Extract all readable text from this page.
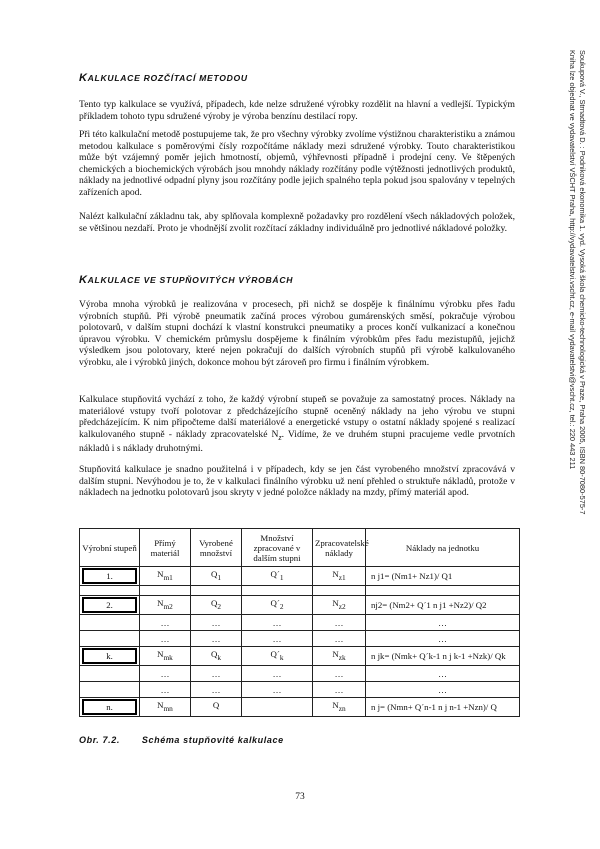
KALKULACE ROZČÍTACÍ METODOU

Tento typ kalkulace se využívá, případech, kde nelze sdružené výrobky rozdělit na hlavní a vedlejší. Typickým příkladem tohoto typu sdružené výroby je výroba benzínu destilací ropy.

Při této kalkulační metodě postupujeme tak, že pro všechny výrobky zvolíme výstižnou charakteristiku a známou metodou kalkulace s poměrovými čísly rozpočítáme náklady mezi sdružené výrobky. Touto charakteristikou může být vzájemný poměr jejich hmotností, objemů, výhřevnosti případně i prodejní ceny. Ve štěpených chemických a biochemických výrobách jsou mnohdy náklady rozčítány podle výtěžnosti jednotlivých produktů, náklady na jednotlivé odpadní plyny jsou rozčítány podle jejich spalného tepla pokud jsou spalovány v tepelných zařízeních apod.

Nalézt kalkulační základnu tak, aby splňovala komplexně požadavky pro rozdělení všech nákladových položek, se většinou nezdaří. Proto je vhodnější zvolit rozčítací základny individuálně pro jednotlivé nákladové položky.

KALKULACE VE STUPŇOVITÝCH VÝROBÁCH

Výroba mnoha výrobků je realizována v procesech, při nichž se dospěje k finálnímu výrobku přes řadu výrobních stupňů. Při výrobě pneumatik začíná proces výrobou gumárenských směsí, pokračuje výrobou polotovarů, v dalším stupni dochází k vlastní konstrukci pneumatiky a proces končí vulkanizací a konečnou úpravou výrobku. V chemickém průmyslu dospějeme k finálním výrobkům přes řadu mezistupňů, jejichž výsledkem jsou polotovary, které nejen pokračují do dalších výrobních stupňů při výrobě kalkulovaného výrobku, ale i výrobků jiných, dokonce mohou být zároveň pro firmu i finálním výrobkem.

Kalkulace stupňovitá vychází z toho, že každý výrobní stupeň se považuje za samostatný proces. Náklady na materiálové vstupy tvoří polotovar z předcházejícího stupně oceněný náklady na jeho výrobu ve stupni předcházejícím. K nim připočteme další materiálové a energetické vstupy o ostatní náklady spojené s realizací kalkulovaného stupně - náklady zpracovatelské $N_z$. Vidíme, že ve druhém stupni pracujeme vedle prvotních nákladů i s náklady druhotnými.

Stupňovitá kalkulace je snadno použitelná i v případech, kdy se jen část vyrobeného množství zpracovává v dalším stupni. Nevýhodou je to, že v kalkulaci finálního výrobku už není přehled o struktuře nákladů, protože v nákladech na jednotku polotovarů jsou skryty v jedné položce náklady na mzdy, přímý materiál apod.

Výrobní stupeň	Přímý materiál	Vyrobené množství	Množství zpracované v dalším stupni	Zpracovatelské náklady	Náklady na jednotku

1.	$N_{m1}$	$Q_1$	$Q´_1$	$N_{z1}$	n j1= (Nm1+ Nz1)/ Q1

2.	$N_{m2}$	$Q_2$	$Q´_2$	$N_{z2}$	nj2= (Nm2+ Q´1 n j1 +Nz2)/ Q2
	…	…	…	…	…
	…	…	…	…	…

k.	$N_{mk}$	$Q_k$	$Q´_k$	$N_{zk}$	n jk= (Nmk+ Q´k-1 n j k-1 +Nzk)/ Qk
	…	…	…	…	…
	…	…	…	…	…

n.	$N_{mn}$	Q		$N_{zn}$	n j= (Nmn+ Q´n-1 n j n-1 +Nzn)/ Q
Obr. 7.2. Schéma stupňovité kalkulace
73
Soukupová V., Strnadtová D. : Podniková ekonomika 1. vyd. Vysoká škola chemicko-technologická v Praze, Praha 2005, ISBN 80-7080-575-7
Kniha lze objednat ve vydavatelství VŠCHT Praha, http://vydavatelstvi.vscht.cz, e-mail vydavatelstvi@vscht.cz, tel.: 220 443 211
